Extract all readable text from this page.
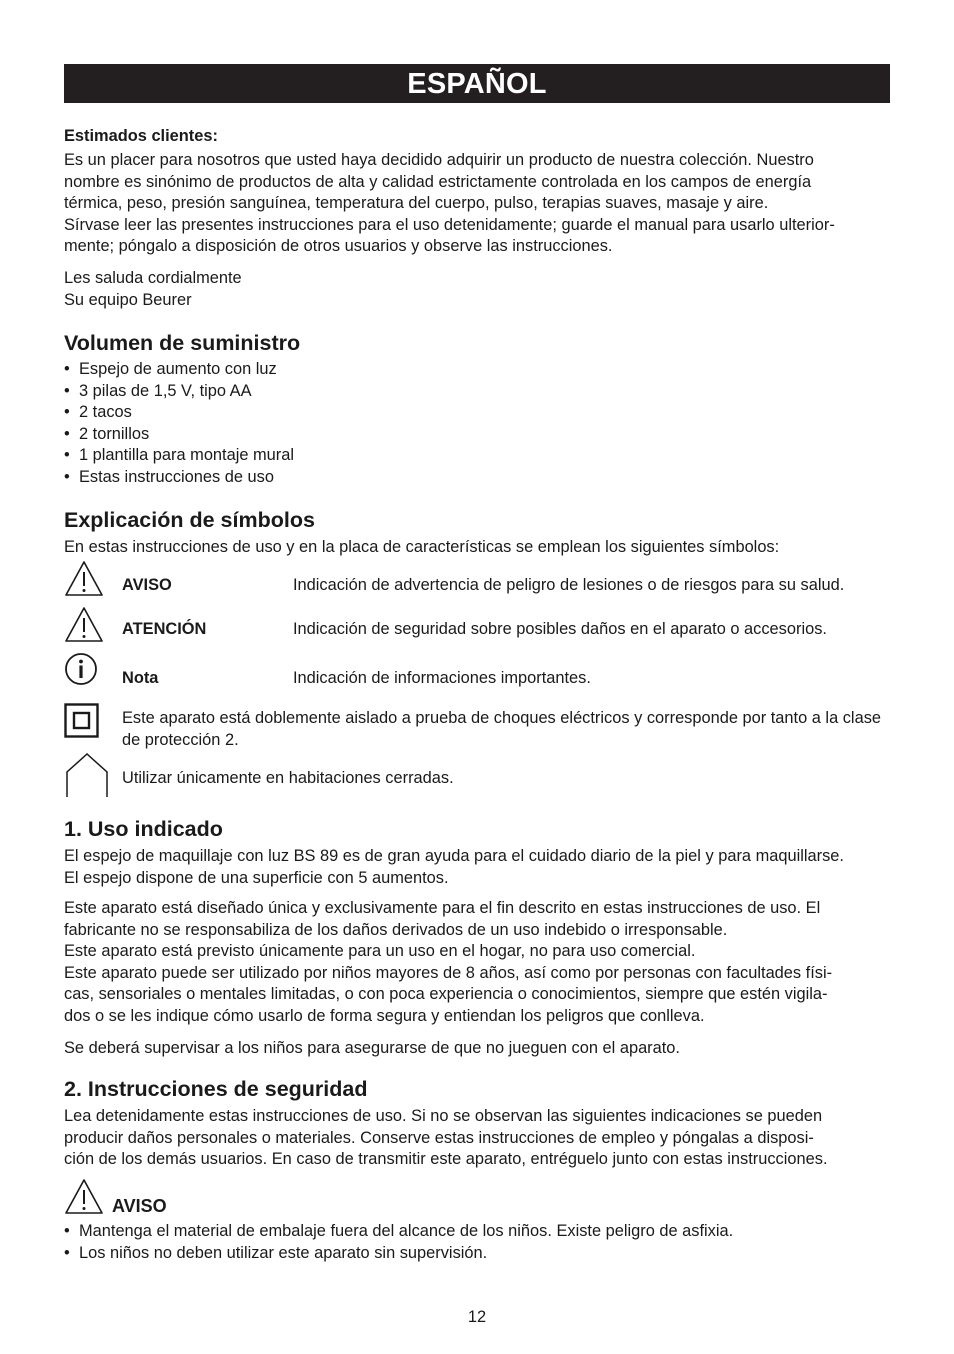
ESPAÑOL

Estimados clientes:

Es un placer para nosotros que usted haya decidido adquirir un producto de nuestra colección. Nuestro
nombre es sinónimo de productos de alta y calidad estrictamente controlada en los campos de energía
térmica, peso, presión sanguínea, temperatura del cuerpo, pulso, terapias suaves, masaje y aire.
Sírvase leer las presentes instrucciones para el uso detenidamente; guarde el manual para usarlo ulterior-
mente; póngalo a disposición de otros usuarios y observe las instrucciones.

Les saluda cordialmente

Su equipo Beurer

Volumen de suministro
• Espejo de aumento con luz
• 3 pilas de 1,5 V, tipo AA
• 2 tacos
• 2 tornillos
• 1 plantilla para montaje mural
• Estas instrucciones de uso
Explicación de símbolos

En estas instrucciones de uso y en la placa de características se emplean los siguientes símbolos:

AVISO	Indicación de advertencia de peligro de lesiones o de riesgos para su salud.
ATENCIÓN	Indicación de seguridad sobre posibles daños en el aparato o accesorios.
Nota	Indicación de informaciones importantes.
Este aparato está doblemente aislado a prueba de choques eléctricos y corresponde por tanto a la clase de protección 2.
Utilizar únicamente en habitaciones cerradas.
1. Uso indicado

El espejo de maquillaje con luz BS 89 es de gran ayuda para el cuidado diario de la piel y para maquillarse.
El espejo dispone de una superficie con 5 aumentos.

Este aparato está diseñado única y exclusivamente para el fin descrito en estas instrucciones de uso. El
fabricante no se responsabiliza de los daños derivados de un uso indebido o irresponsable.
Este aparato está previsto únicamente para un uso en el hogar, no para uso comercial.
Este aparato puede ser utilizado por niños mayores de 8 años, así como por personas con facultades físi-
cas, sensoriales o mentales limitadas, o con poca experiencia o conocimientos, siempre que estén vigila-
dos o se les indique cómo usarlo de forma segura y entiendan los peligros que conlleva.

Se deberá supervisar a los niños para asegurarse de que no jueguen con el aparato.

2. Instrucciones de seguridad

Lea detenidamente estas instrucciones de uso. Si no se observan las siguientes indicaciones se pueden
producir daños personales o materiales. Conserve estas instrucciones de empleo y póngalas a disposi-
ción de los demás usuarios. En caso de transmitir este aparato, entréguelo junto con estas instrucciones.

AVISO
• Mantenga el material de embalaje fuera del alcance de los niños. Existe peligro de asfixia.
• Los niños no deben utilizar este aparato sin supervisión.
12
